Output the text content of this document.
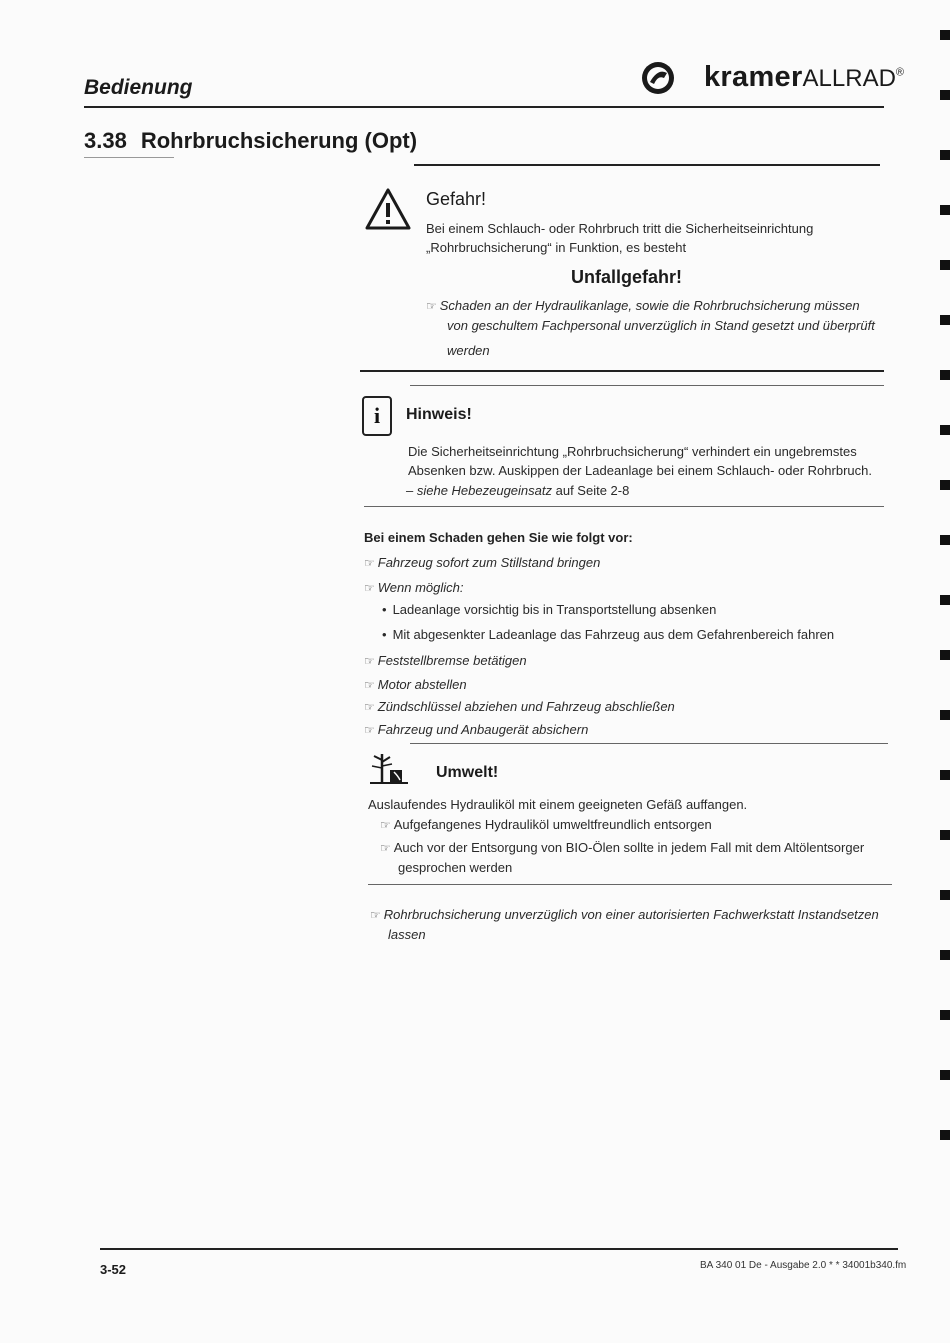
Bedienung	kramerALLRAD®
3.38 Rohrbruchsicherung (Opt)
Gefahr!
Bei einem Schlauch- oder Rohrbruch tritt die Sicherheitseinrichtung
„Rohrbruchsicherung“ in Funktion, es besteht
Unfallgefahr!
☞ Schaden an der Hydraulikanlage, sowie die Rohrbruchsicherung müssen
von geschultem Fachpersonal unverzüglich in Stand gesetzt und überprüft
werden
i	Hinweis!
Die Sicherheitseinrichtung „Rohrbruchsicherung“ verhindert ein ungebremstes
Absenken bzw. Auskippen der Ladeanlage bei einem Schlauch- oder Rohrbruch.
– siehe Hebezeugeinsatz auf Seite 2-8
Bei einem Schaden gehen Sie wie folgt vor:
☞ Fahrzeug sofort zum Stillstand bringen
☞ Wenn möglich:
• Ladeanlage vorsichtig bis in Transportstellung absenken
• Mit abgesenkter Ladeanlage das Fahrzeug aus dem Gefahrenbereich fahren
☞ Feststellbremse betätigen
☞ Motor abstellen
☞ Zündschlüssel abziehen und Fahrzeug abschließen
☞ Fahrzeug und Anbaugerät absichern
Umwelt!
Auslaufendes Hydrauliköl mit einem geeigneten Gefäß auffangen.
☞ Aufgefangenes Hydrauliköl umweltfreundlich entsorgen
☞ Auch vor der Entsorgung von BIO-Ölen sollte in jedem Fall mit dem Altölentsorger
gesprochen werden
☞ Rohrbruchsicherung unverzüglich von einer autorisierten Fachwerkstatt Instandsetzen
lassen
3-52	BA 340 01 De - Ausgabe 2.0 * * 34001b340.fm
